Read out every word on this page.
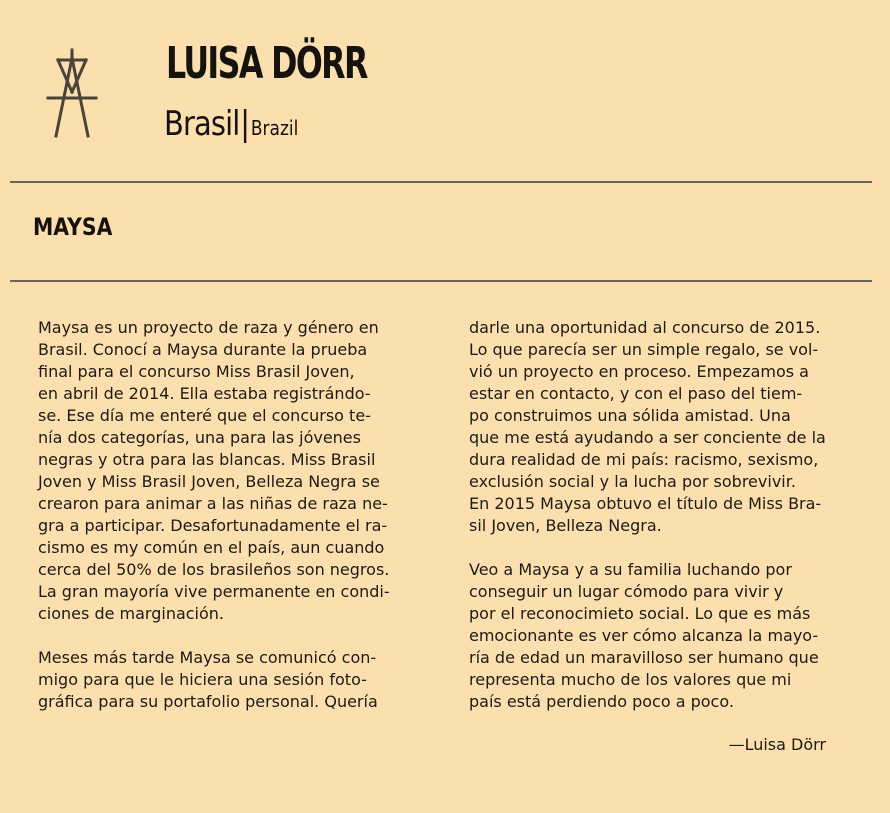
LUISA DÖRR
Brasil|Brazil
MAYSA
Maysa es un proyecto de raza y género en
Brasil. Conocí a Maysa durante la prueba
final para el concurso Miss Brasil Joven,
en abril de 2014. Ella estaba registrándo-
se. Ese día me enteré que el concurso te-
nía dos categorías, una para las jóvenes
negras y otra para las blancas. Miss Brasil
Joven y Miss Brasil Joven, Belleza Negra se
crearon para animar a las niñas de raza ne-
gra a participar. Desafortunadamente el ra-
cismo es my común en el país, aun cuando
cerca del 50% de los brasileños son negros.
La gran mayoría vive permanente en condi-
ciones de marginación.
Meses más tarde Maysa se comunicó con-
migo para que le hiciera una sesión foto-
gráfica para su portafolio personal. Quería
darle una oportunidad al concurso de 2015.
Lo que parecía ser un simple regalo, se vol-
vió un proyecto en proceso. Empezamos a
estar en contacto, y con el paso del tiem-
po construimos una sólida amistad. Una
que me está ayudando a ser conciente de la
dura realidad de mi país: racismo, sexismo,
exclusión social y la lucha por sobrevivir.
En 2015 Maysa obtuvo el título de Miss Bra-
sil Joven, Belleza Negra.
Veo a Maysa y a su familia luchando por
conseguir un lugar cómodo para vivir y
por el reconocimieto social. Lo que es más
emocionante es ver cómo alcanza la mayo-
ría de edad un maravilloso ser humano que
representa mucho de los valores que mi
país está perdiendo poco a poco.
—Luisa Dörr
